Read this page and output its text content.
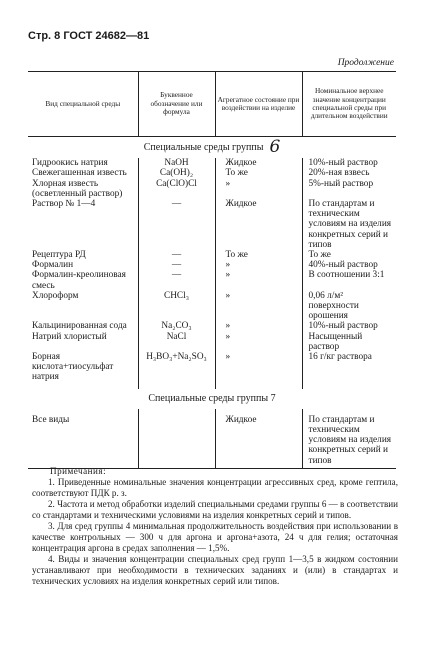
Стр. 8 ГОСТ 24682—81
Продолжение
Вид специальной среды	Буквенное обозначение или формула	Агрегатное состояние при воздействии на изделие	Номинальное верхнее значение концентрации специальной среды при длительном воздействии
Специальные среды группы 6			
Гидроокись натрия	NaOH	Жидкое	10%-ный раствор
Свежегашенная известь	Ca(OH)₂	То же	20%-ная взвесь
Хлорная известь (осветленный раствор)	Ca(ClO)Cl	»	5%-ный раствор
Раствор № 1—4	—	Жидкое	По стандартам и техническим условиям на изделия конкретных серий и типов
Рецептура РД	—	То же	То же
Формалин	—	»	40%-ный раствор
Формалин-креолиновая смесь	—	»	В соотношении 3:1
Хлороформ	CHCl₃	»	0,06 л/м² поверхности орошения
Кальцинированная сода	Na₂CO₃	»	10%-ный раствор
Натрий хлористый	NaCl	»	Насыщенный раствор
Борная кислота+тиосульфат натрия	H₃BO₃+Na₂SO₃	»	16 г/кг раствора

Специальные среды группы 7			

Все виды		Жидкое	По стандартам и техническим условиям на изделия конкретных серий и типов
Примечания:

1. Приведенные номинальные значения концентрации агрессивных сред, кроме гептила, соответствуют ПДК р. з.

2. Частота и метод обработки изделий специальными средами группы 6 — в соответствии со стандартами и техническими условиями на изделия конкретных серий и типов.

3. Для сред группы 4 минимальная продолжительность воздействия при использовании в качестве контрольных — 300 ч для аргона и аргона+азота, 24 ч для гелия; остаточная концентрация аргона в средах заполнения — 1,5%.

4. Виды и значения концентрации специальных сред групп 1—3,5 в жидком состоянии устанавливают при необходимости в технических заданиях и (или) в стандартах и технических условиях на изделия конкретных серий или типов.
